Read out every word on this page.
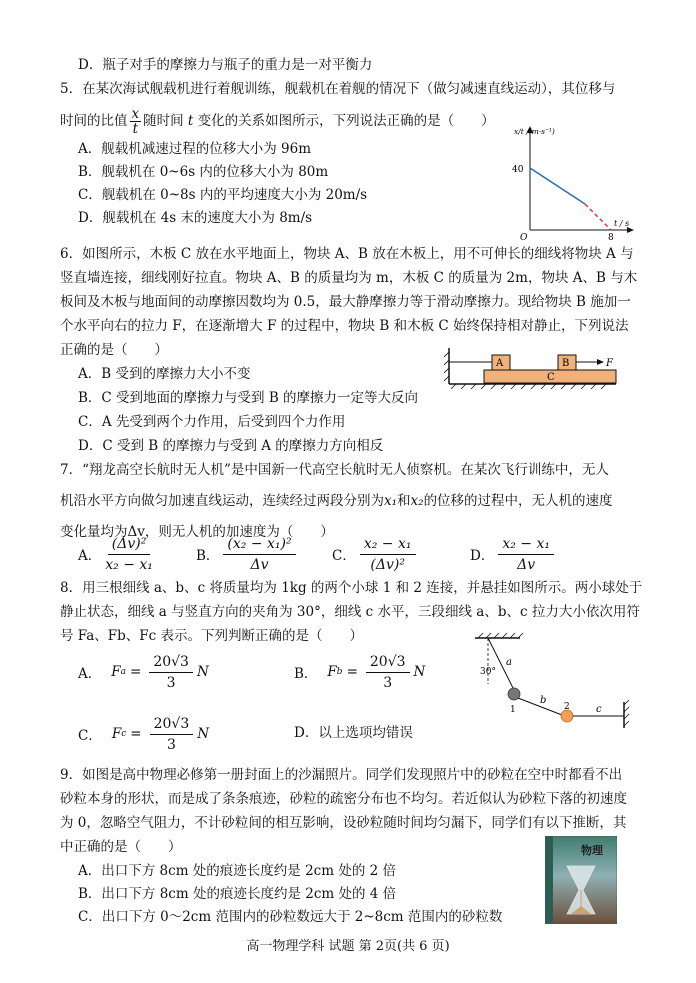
D．瓶子对手的摩擦力与瓶子的重力是一对平衡力
5．在某次海试舰载机进行着舰训练，舰载机在着舰的情况下（做匀减速直线运动），其位移与
时间的比值 $\frac{x}{t}$ 随时间 t 变化的关系如图所示，下列说法正确的是（　　）
A．舰载机减速过程的位移大小为 96m
B．舰载机在 0~6s 内的位移大小为 80m
C．舰载机在 0~8s 内的平均速度大小为 20m/s
D．舰载机在 4s 末的速度大小为 8m/s
x/t /(m·s⁻¹)
40
O	8
t / s
6．如图所示，木板 C 放在水平地面上，物块 A、B 放在木板上，用不可伸长的细线将物块 A 与
竖直墙连接，细线刚好拉直。物块 A、B 的质量均为 m，木板 C 的质量为 2m，物块 A、B 与木
板间及木板与地面间的动摩擦因数均为 0.5，最大静摩擦力等于滑动摩擦力。现给物块 B 施加一
个水平向右的拉力 F，在逐渐增大 F 的过程中，物块 B 和木板 C 始终保持相对静止，下列说法
正确的是（　　）
A．B 受到的摩擦力大小不变
B．C 受到地面的摩擦力与受到 B 的摩擦力一定等大反向
C．A 先受到两个力作用，后受到四个力作用
D．C 受到 B 的摩擦力与受到 A 的摩擦力方向相反
C
A	B	F
7．“翔龙高空长航时无人机”是中国新一代高空长航时无人侦察机。在某次飞行训练中，无人
机沿水平方向做匀加速直线运动，连续经过两段分别为x₁和x₂的位移的过程中，无人机的速度
变化量均为Δv，则无人机的加速度为（　　）
A． $\frac{\text{(Δv)²}}{\text{x₂ − x₁}}$	B． $\frac{\text{(x₂ − x₁)²}}{\Delta v}$	C． $\frac{\text{x₂ − x₁}}{\text{(Δv)²}}$	D． $\frac{\text{x₂ − x₁}}{\Delta v}$
8．用三根细线 a、b、c 将质量均为 1kg 的两个小球 1 和 2 连接，并悬挂如图所示。两小球处于
静止状态，细线 a 与竖直方向的夹角为 30°，细线 c 水平，三段细线 a、b、c 拉力大小依次用符
号 Fa、Fb、Fc 表示。下列判断正确的是（　　）
A． F $a = \frac{20√3}{3}$ N	B． F $b = \frac{20√3}{3}$ N
C． F $c = \frac{20√3}{3}$ N	D．以上选项均错误
30°
a
1
b
2	c
9．如图是高中物理必修第一册封面上的沙漏照片。同学们发现照片中的砂粒在空中时都看不出
砂粒本身的形状，而是成了条条痕迹，砂粒的疏密分布也不均匀。若近似认为砂粒下落的初速度
为 0，忽略空气阻力，不计砂粒间的相互影响，设砂粒随时间均匀漏下，同学们有以下推断，其
中正确的是（　　）
A．出口下方 8cm 处的痕迹长度约是 2cm 处的 2 倍
B．出口下方 8cm 处的痕迹长度约是 2cm 处的 4 倍
C．出口下方 0～2cm 范围内的砂粒数远大于 2~8cm 范围内的砂粒数
物理
高一物理学科 试题 第 2页(共 6 页)
